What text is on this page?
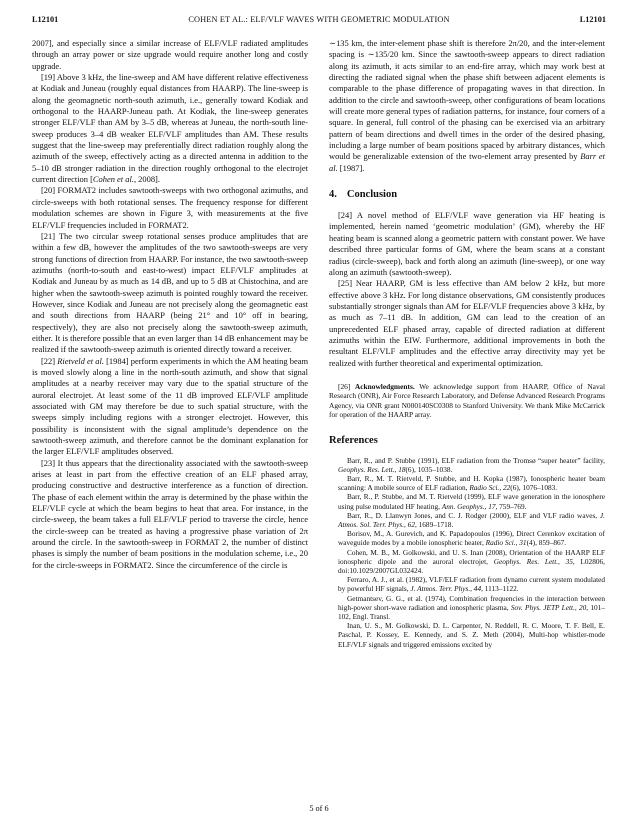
L12101	COHEN ET AL.: ELF/VLF WAVES WITH GEOMETRIC MODULATION	L12101

2007], and especially since a similar increase of ELF/VLF radiated amplitudes through an array power or size upgrade would require another long and costly upgrade.

[19] Above 3 kHz, the line-sweep and AM have different relative effectiveness at Kodiak and Juneau (roughly equal distances from HAARP). The line-sweep is along the geomagnetic north-south azimuth, i.e., generally toward Kodiak and orthogonal to the HAARP-Juneau path. At Kodiak, the line-sweep generates stronger ELF/VLF than AM by 3–5 dB, whereas at Juneau, the north-south line-sweep produces 3–4 dB weaker ELF/VLF amplitudes than AM. These results suggest that the line-sweep may preferentially direct radiation roughly along the azimuth of the sweep, effectively acting as a directed antenna in addition to the 5–10 dB stronger radiation in the direction roughly orthogonal to the electrojet current direction [Cohen et al., 2008].

[20] FORMAT2 includes sawtooth-sweeps with two orthogonal azimuths, and circle-sweeps with both rotational senses. The frequency response for different modulation schemes are shown in Figure 3, with measurements at the five ELF/VLF frequencies included in FORMAT2.

[21] The two circular sweep rotational senses produce amplitudes that are within a few dB, however the amplitudes of the two sawtooth-sweeps are very strong functions of direction from HAARP. For instance, the two sawtooth-sweep azimuths (north-to-south and east-to-west) impact ELF/VLF amplitudes at Kodiak and Juneau by as much as 14 dB, and up to 5 dB at Chistochina, and are higher when the sawtooth-sweep azimuth is pointed roughly toward the receiver. However, since Kodiak and Juneau are not precisely along the geomagnetic east and south directions from HAARP (being 21° and 10° off in bearing, respectively), they are also not precisely along the sawtooth-sweep azimuth, either. It is therefore possible that an even larger than 14 dB enhancement may be realized if the sawtooth-sweep azimuth is oriented directly toward a receiver.

[22] Rietveld et al. [1984] perform experiments in which the AM heating beam is moved slowly along a line in the north-south azimuth, and show that signal amplitudes at a nearby receiver may vary due to the spatial structure of the auroral electrojet. At least some of the 11 dB improved ELF/VLF amplitude associated with GM may therefore be due to such spatial structure, with the sweeps simply including regions with a stronger electrojet. However, this possibility is inconsistent with the signal amplitude’s dependence on the sawtooth-sweep azimuth, and therefore cannot be the dominant explanation for the larger ELF/VLF amplitudes observed.

[23] It thus appears that the directionality associated with the sawtooth-sweep arises at least in part from the effective creation of an ELF phased array, producing constructive and destructive interference as a function of direction. The phase of each element within the array is determined by the phase within the ELF/VLF cycle at which the beam begins to heat that area. For instance, in the circle-sweep, the beam takes a full ELF/VLF period to traverse the circle, hence the circle-sweep can be treated as having a progressive phase variation of 2π around the circle. In the sawtooth-sweep in FORMAT 2, the number of distinct phases is simply the number of beam positions in the modulation scheme, i.e., 20 for the circle-sweeps in FORMAT2. Since the circumference of the circle is

∼135 km, the inter-element phase shift is therefore 2π/20, and the inter-element spacing is ∼135/20 km. Since the sawtooth-sweep appears to direct radiation along its azimuth, it acts similar to an end-fire array, which may work best at directing the radiated signal when the phase shift between adjacent elements is comparable to the phase difference of propagating waves in that direction. In addition to the circle and sawtooth-sweep, other configurations of beam locations will create more general types of radiation patterns, for instance, four corners of a square. In general, full control of the phasing can be exercised via an arbitrary pattern of beam directions and dwell times in the order of the desired phasing, including a large number of beam positions spaced by arbitrary distances, which would be generalizable extension of the two-element array presented by Barr et al. [1987].

4. Conclusion

[24] A novel method of ELF/VLF wave generation via HF heating is implemented, herein named ‘geometric modulation’ (GM), whereby the HF heating beam is scanned along a geometric pattern with constant power. We have described three particular forms of GM, where the beam scans at a constant radius (circle-sweep), back and forth along an azimuth (line-sweep), or one way along an azimuth (sawtooth-sweep).

[25] Near HAARP, GM is less effective than AM below 2 kHz, but more effective above 3 kHz. For long distance observations, GM consistently produces substantially stronger signals than AM for ELF/VLF frequencies above 3 kHz, by as much as 7–11 dB. In addition, GM can lead to the creation of an unprecedented ELF phased array, capable of directed radiation at different azimuths within the EIW. Furthermore, additional improvements in both the resultant ELF/VLF amplitudes and the effective array directivity may yet be realized with further theoretical and experimental optimization.

[26] Acknowledgments. We acknowledge support from HAARP, Office of Naval Research (ONR), Air Force Research Laboratory, and Defense Advanced Research Programs Agency, via ONR grant N000140SC0308 to Stanford University. We thank Mike McCarrick for operation of the HAARP array.
References

Barr, R., and P. Stubbe (1991), ELF radiation from the Tromsø “super heater” facility, Geophys. Res. Lett., 18(6), 1035–1038.

Barr, R., M. T. Rietveld, P. Stubbe, and H. Kopka (1987), Ionospheric heater beam scanning: A mobile source of ELF radiation, Radio Sci., 22(6), 1076–1083.

Barr, R., P. Stubbe, and M. T. Rietveld (1999), ELF wave generation in the ionosphere using pulse modulated HF heating, Ann. Geophys., 17, 759–769.

Barr, R., D. Llanwyn Jones, and C. J. Rodger (2000), ELF and VLF radio waves, J. Atmos. Sol. Terr. Phys., 62, 1689–1718.

Borisov, M., A. Gurevich, and K. Papadopoulos (1996), Direct Cerenkov excitation of waveguide modes by a mobile ionospheric heater, Radio Sci., 31(4), 859–867.

Cohen, M. B., M. Golkowski, and U. S. Inan (2008), Orientation of the HAARP ELF ionospheric dipole and the auroral electrojet, Geophys. Res. Lett., 35, L02806, doi:10.1029/2007GL032424.

Ferraro, A. J., et al. (1982), VLF/ELF radiation from dynamo current system modulated by powerful HF signals, J. Atmos. Terr. Phys., 44, 1113–1122.

Getmantsev, G. G., et al. (1974), Combination frequencies in the interaction between high-power short-wave radiation and ionospheric plasma, Sov. Phys. JETP Lett., 20, 101–102, Engl. Transl.

Inan, U. S., M. Golkowski, D. L. Carpenter, N. Reddell, R. C. Moore, T. F. Bell, E. Paschal, P. Kossey, E. Kennedy, and S. Z. Meth (2004), Multi-hop whistler-mode ELF/VLF signals and triggered emissions excited by

5 of 6
